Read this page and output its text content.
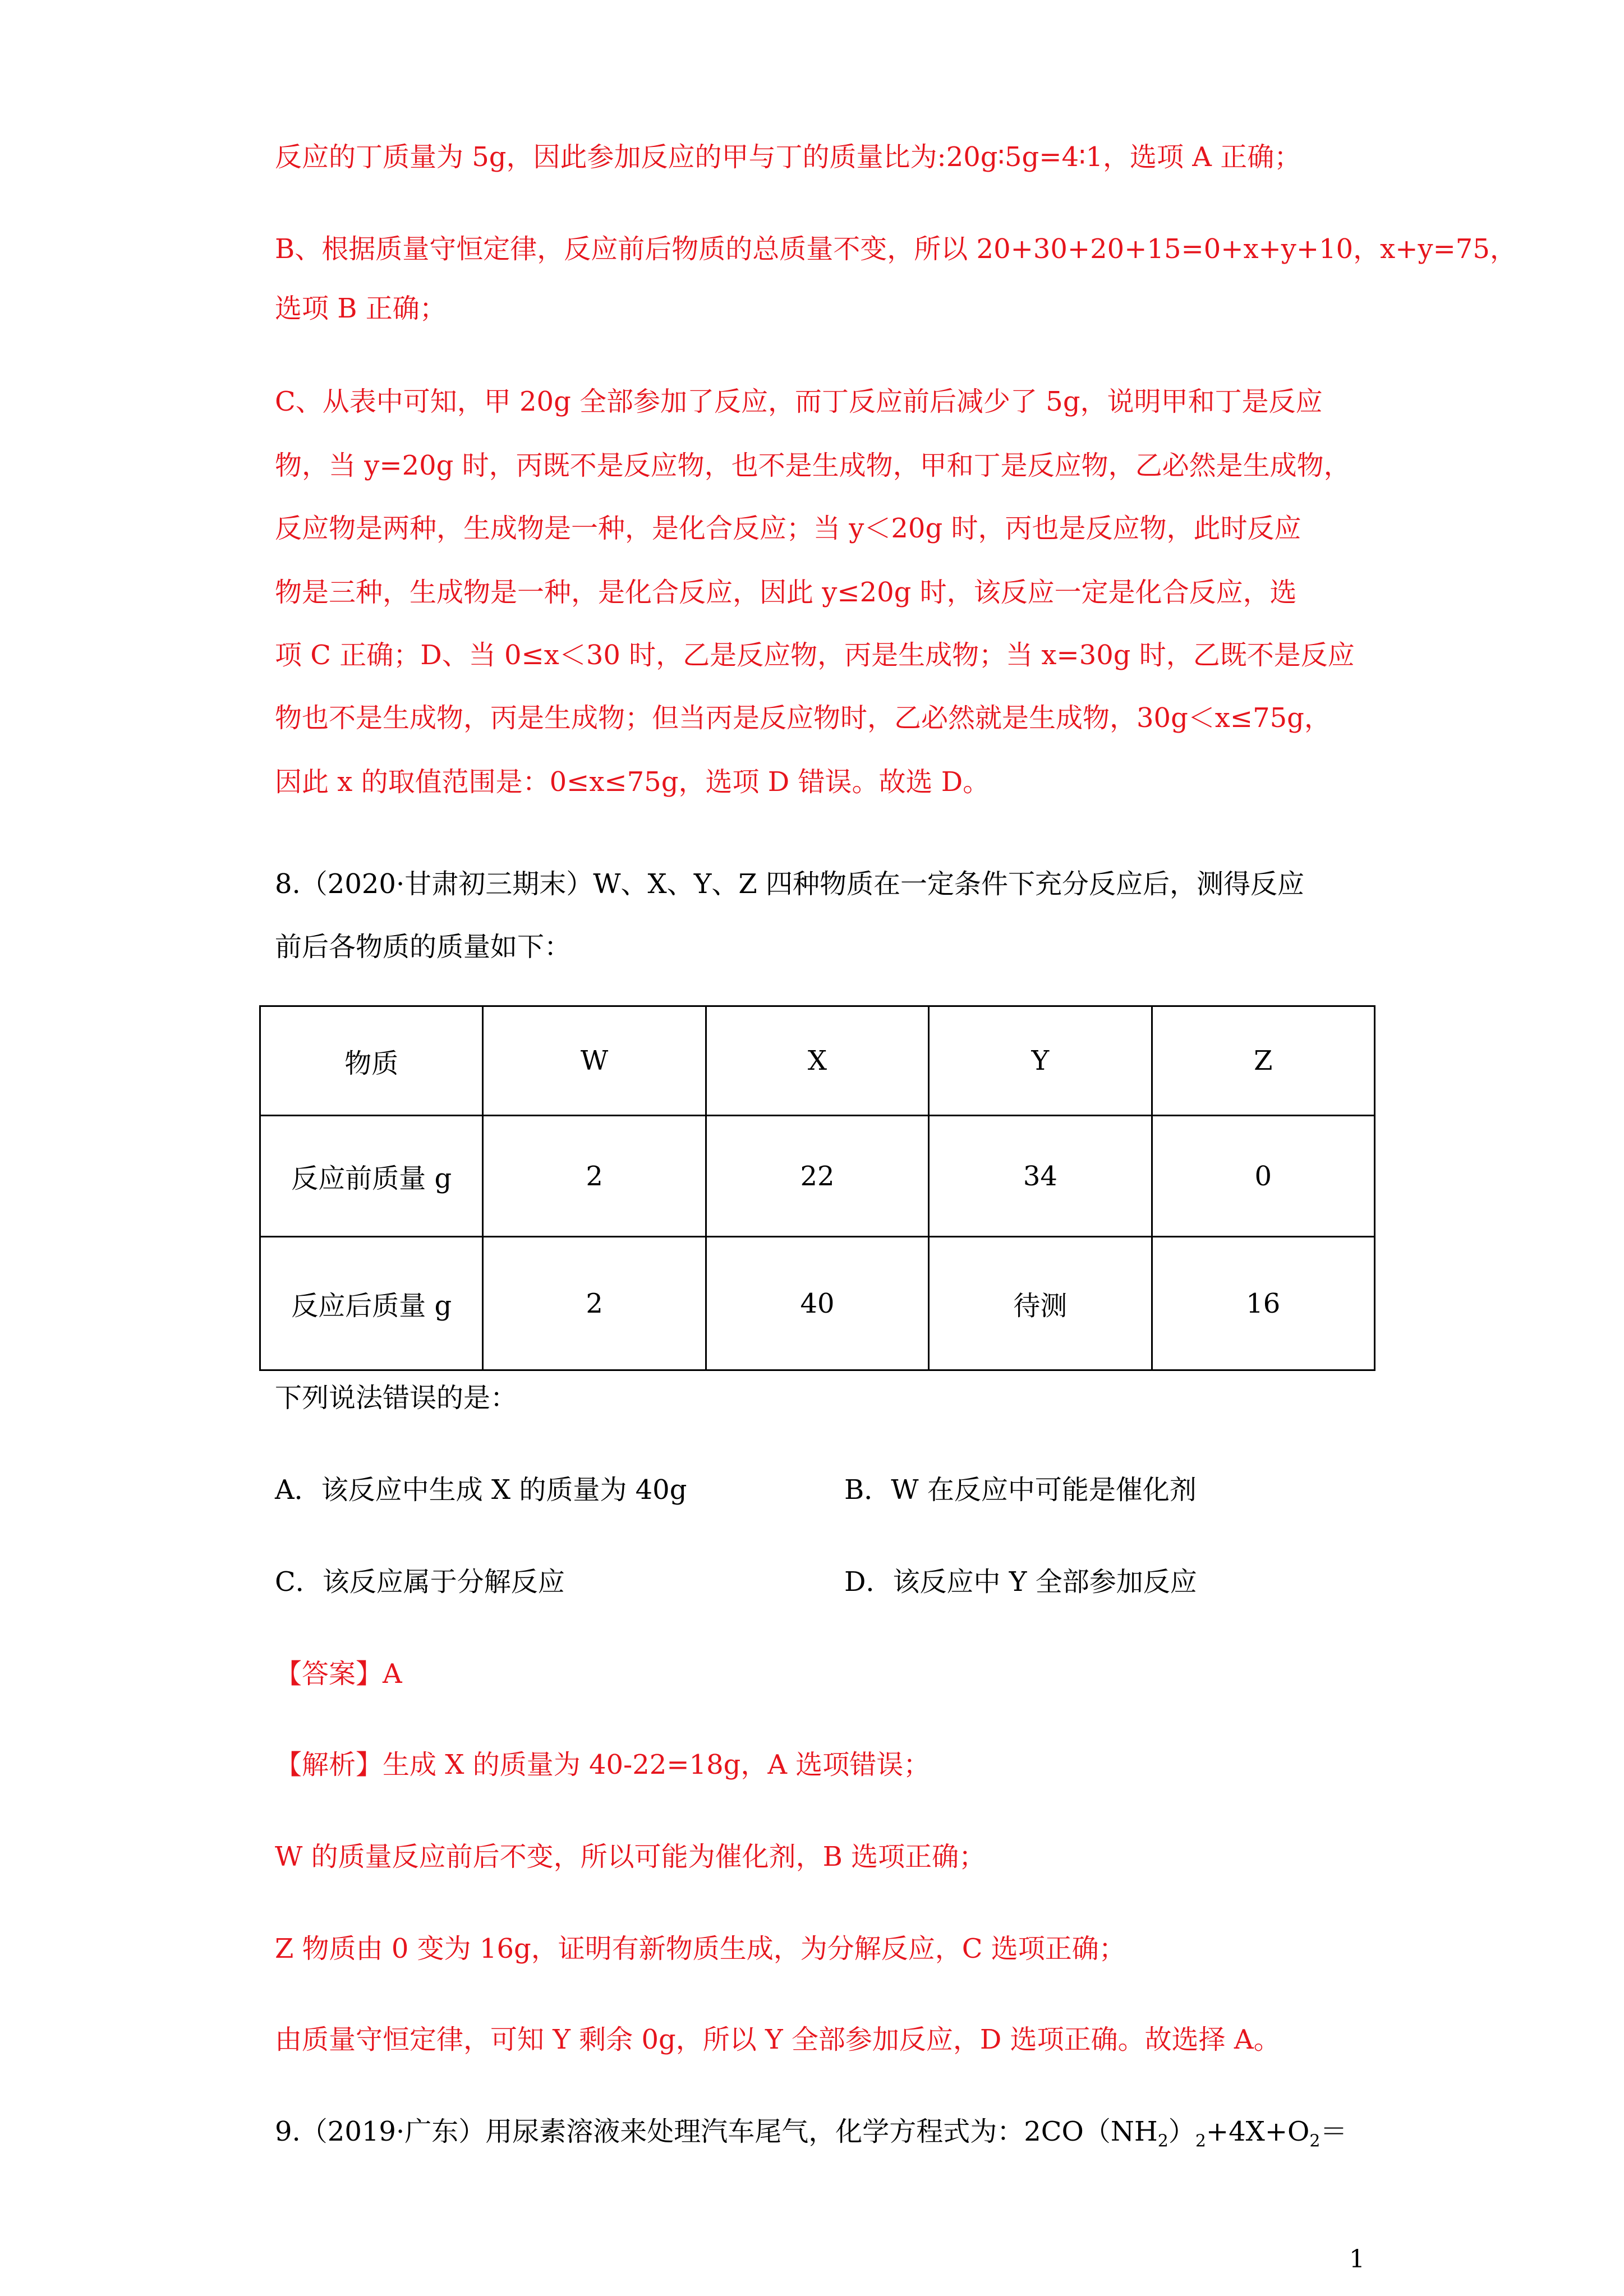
反应的丁质量为 5g，因此参加反应的甲与丁的质量比为:20g∶5g=4∶1，选项 A 正确；
B、根据质量守恒定律，反应前后物质的总质量不变，所以 20+30+20+15=0+x+y+10，x+y=75，
选项 B 正确；
C、从表中可知，甲 20g 全部参加了反应，而丁反应前后减少了 5g，说明甲和丁是反应
物，当 y=20g 时，丙既不是反应物，也不是生成物，甲和丁是反应物，乙必然是生成物，
反应物是两种，生成物是一种，是化合反应；当 y＜20g 时，丙也是反应物，此时反应
物是三种，生成物是一种，是化合反应，因此 y≤20g 时，该反应一定是化合反应，选
项 C 正确；D、当 0≤x＜30 时，乙是反应物，丙是生成物；当 x=30g 时，乙既不是反应
物也不是生成物，丙是生成物；但当丙是反应物时，乙必然就是生成物，30g＜x≤75g，
因此 x 的取值范围是：0≤x≤75g，选项 D 错误。故选 D。
8.（2020·甘肃初三期末）W、X、Y、Z 四种物质在一定条件下充分反应后，测得反应
前后各物质的质量如下：
物质	W	X	Y	Z
反应前质量 g	2	22	34	0
反应后质量 g	2	40	待测	16
下列说法错误的是：
A．该反应中生成 X 的质量为 40g	B．W 在反应中可能是催化剂
C．该反应属于分解反应	D．该反应中 Y 全部参加反应
【答案】A
【解析】生成 X 的质量为 40-22=18g，A 选项错误；
W 的质量反应前后不变，所以可能为催化剂，B 选项正确；
Z 物质由 0 变为 16g，证明有新物质生成，为分解反应，C 选项正确；
由质量守恒定律，可知 Y 剩余 0g，所以 Y 全部参加反应，D 选项正确。故选择 A。
9.（2019·广东）用尿素溶液来处理汽车尾气，化学方程式为：$2CO(NH_2)_2+4X+O_2=$
1
